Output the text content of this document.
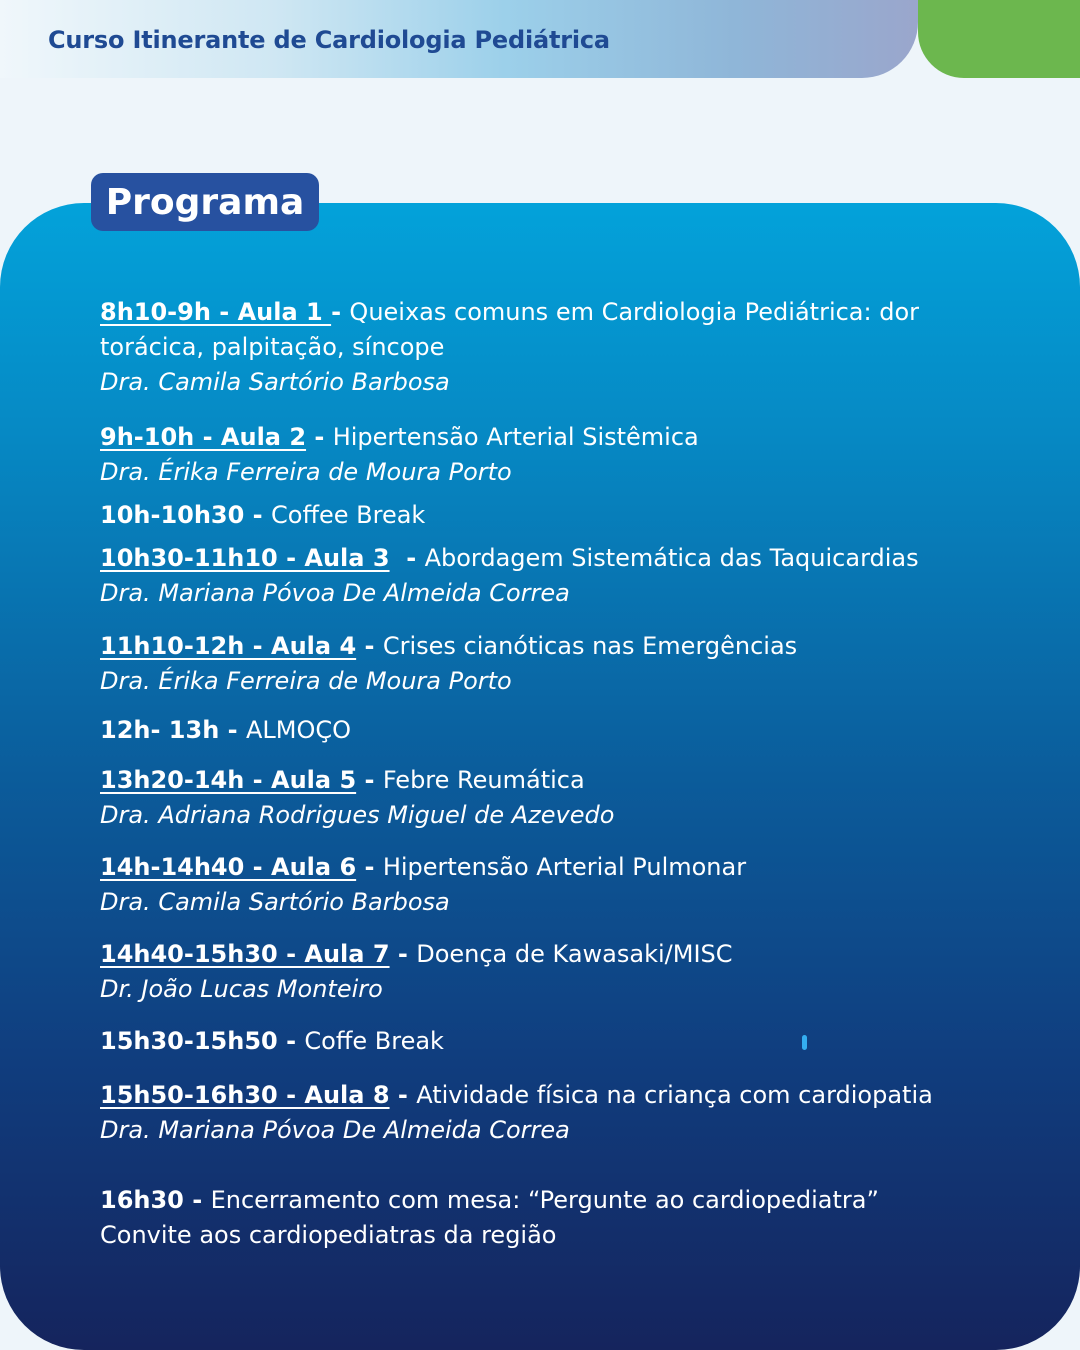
Curso Itinerante de Cardiologia Pediátrica
Programa
8h10-9h - Aula 1 - Queixas comuns em Cardiologia Pediátrica: dor
torácica, palpitação, síncope
Dra. Camila Sartório Barbosa
9h-10h - Aula 2 - Hipertensão Arterial Sistêmica
Dra. Érika Ferreira de Moura Porto
10h-10h30 - Coffee Break
10h30-11h10 - Aula 3  - Abordagem Sistemática das Taquicardias
Dra. Mariana Póvoa De Almeida Correa
11h10-12h - Aula 4 - Crises cianóticas nas Emergências
Dra. Érika Ferreira de Moura Porto
12h- 13h - ALMOÇO
13h20-14h - Aula 5 - Febre Reumática
Dra. Adriana Rodrigues Miguel de Azevedo
14h-14h40 - Aula 6 - Hipertensão Arterial Pulmonar
Dra. Camila Sartório Barbosa
14h40-15h30 - Aula 7 - Doença de Kawasaki/MISC
Dr. João Lucas Monteiro
15h30-15h50 - Coffe Break
15h50-16h30 - Aula 8 - Atividade física na criança com cardiopatia
Dra. Mariana Póvoa De Almeida Correa
16h30 - Encerramento com mesa: “Pergunte ao cardiopediatra”
Convite aos cardiopediatras da região
